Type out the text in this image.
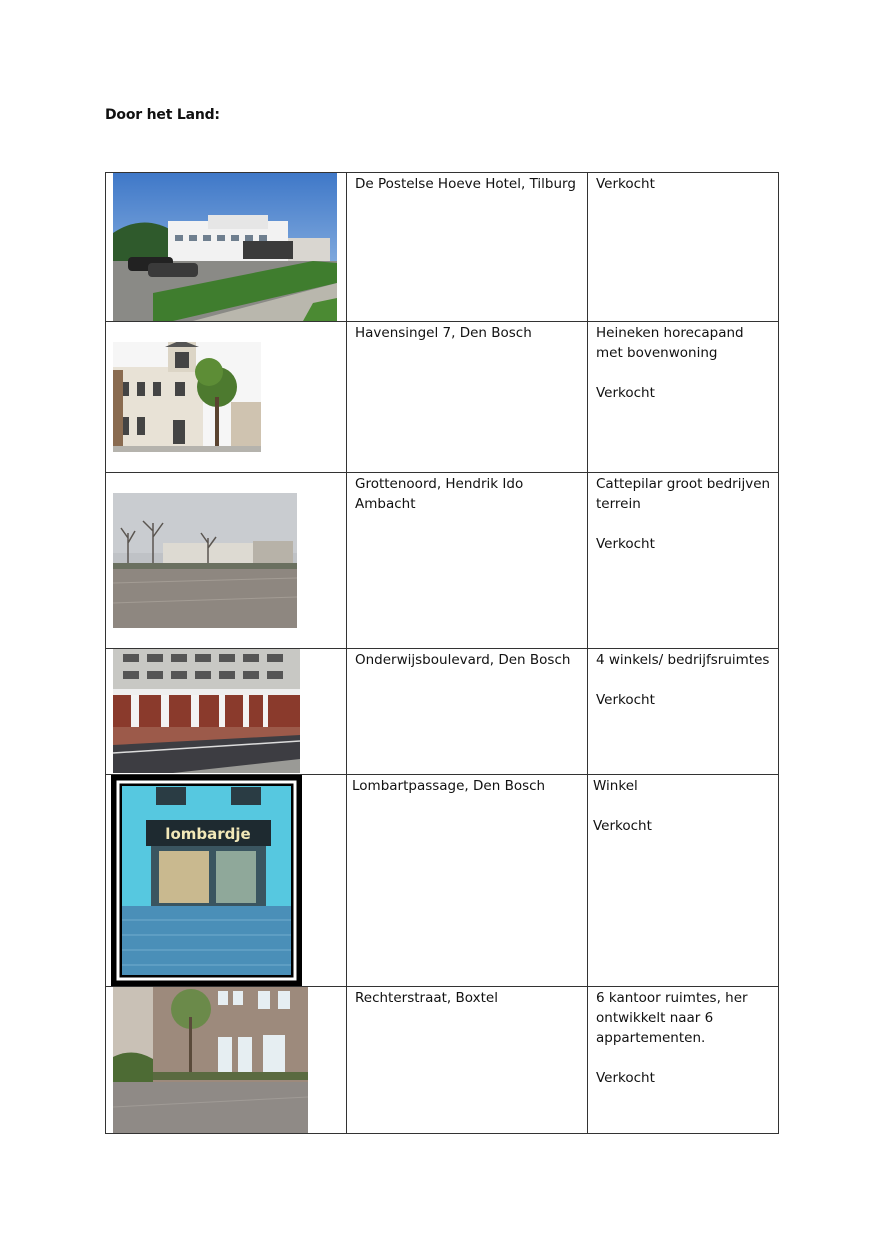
Door het Land:

De Postelse Hoeve Hotel, Tilburg	Verkocht

Havensingel 7, Den Bosch	Heineken horecapand

met bovenwoning

Verkocht

Grottenoord, Hendrik Ido Ambacht	Cattepilar groot bedrijven

terrein

Verkocht

Onderwijsboulevard, Den Bosch	4 winkels/ bedrijfsruimtes

Verkocht

lombardje	Lombartpassage, Den Bosch	Winkel

Verkocht

Rechterstraat, Boxtel	6 kantoor ruimtes, her

ontwikkelt naar 6

appartementen.

Verkocht
